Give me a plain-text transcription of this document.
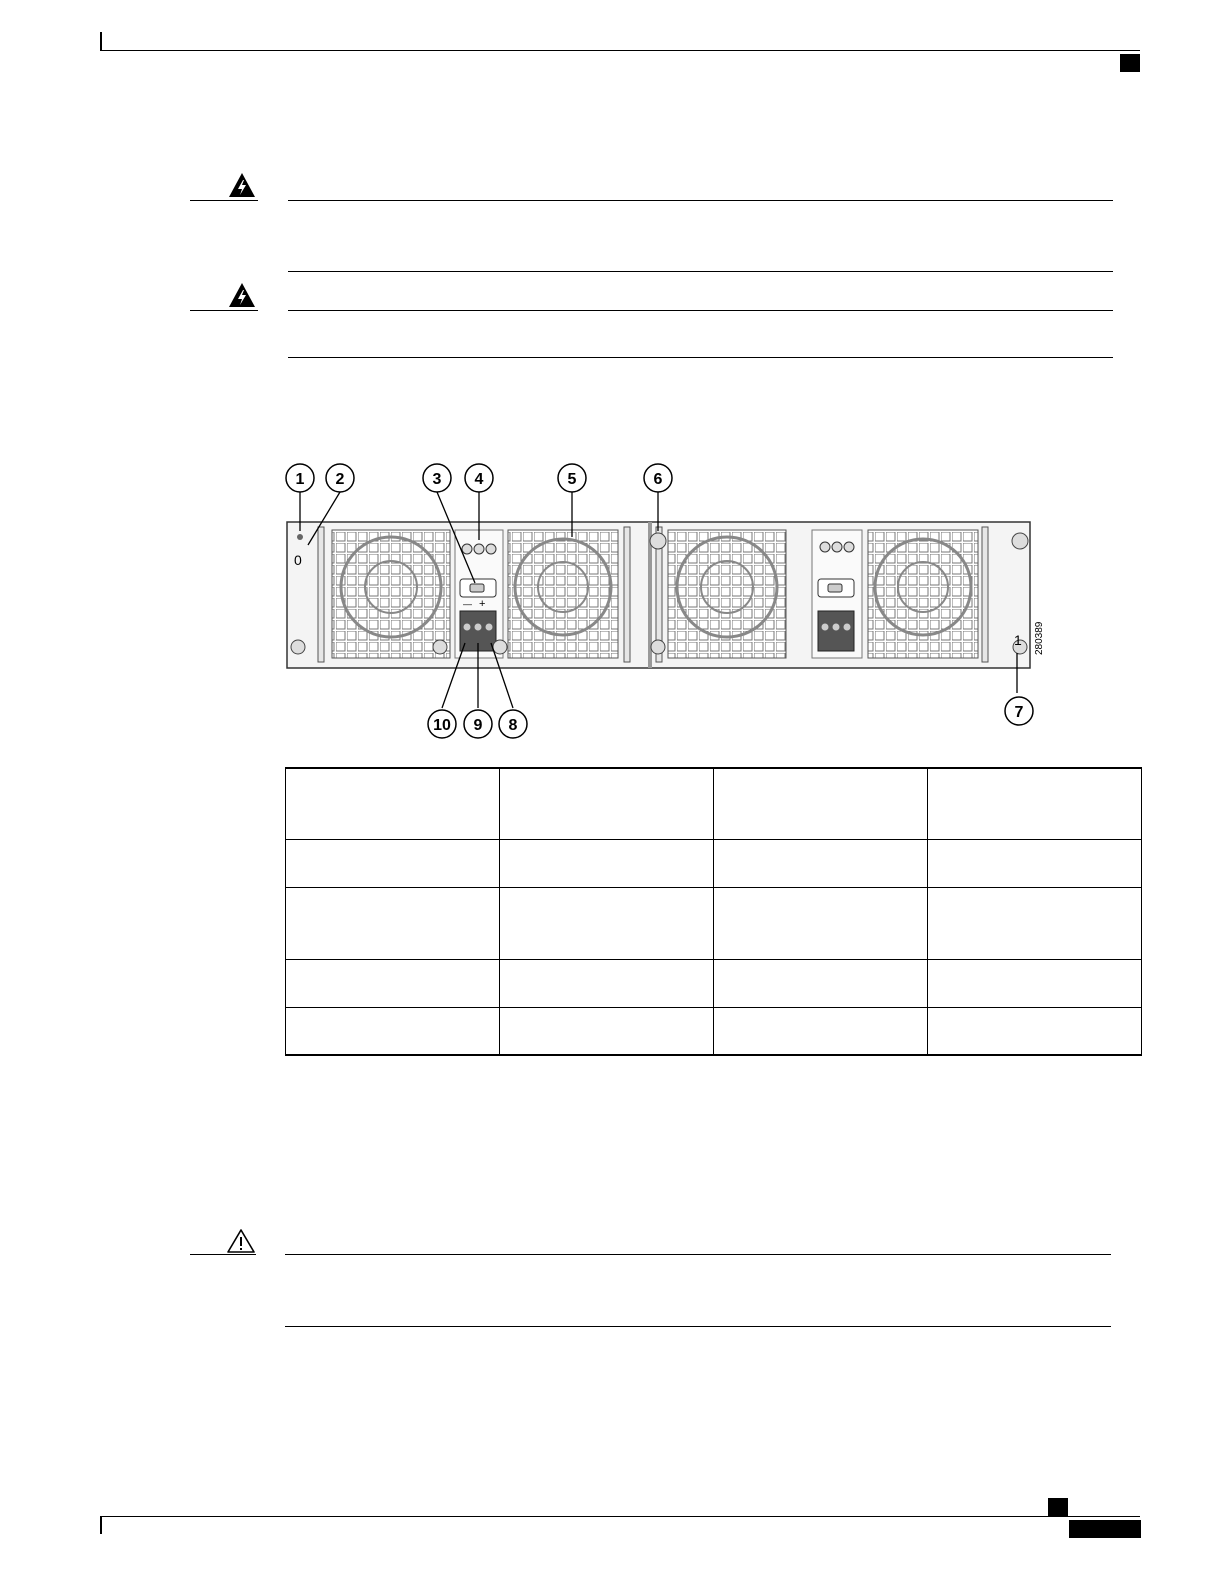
— +
0
1 280389
1 2	3 4	5	6
7
8
9
10
